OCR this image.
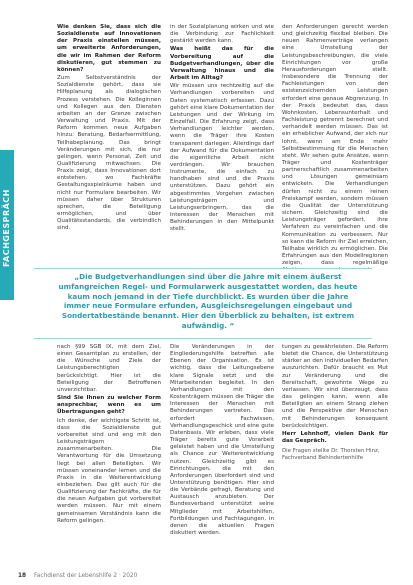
FACHGESPRÄCH

Wie denken Sie, dass sich die Sozialdienste auf Innovationen der Praxis einstellen müssen, um erweiterte Anforderungen, die wir im Rahmen der Reform diskutieren, gut stemmen zu können?

Zum Selbstverständnis der Sozialdienste gehört, dass sie Hilfeplanung als dialogischen Prozess verstehen. Die Kolleginnen und Kollegen aus den Diensten arbeiten an der Grenze zwischen Verwaltung und Praxis. Mit der Reform kommen neue Aufgaben hinzu: Beratung, Bedarfsermittlung, Teilhabeplanung. Das bringt Veränderungen mit sich, die nur gelingen, wenn Personal, Zeit und Qualifizierung mitwachsen. Die Praxis zeigt, dass Innovationen dort entstehen, wo Fachkräfte Gestaltungsspielräume haben und nicht nur Formulare bearbeiten. Wir müssen daher über Strukturen sprechen, die Beteiligung ermöglichen, und über Qualitätsstandards, die verbindlich sind.

in der Sozialplanung wirken und wie die Verbindung zur Fachlichkeit gestärkt werden kann.

Was heißt das für die Vorbereitung auf die Budgetverhandlungen, über die Verwaltung hinaus und die Arbeit im Alltag?

Wir müssen uns rechtzeitig auf die Verhandlungen vorbereiten und Daten systematisch erfassen. Dazu gehört eine klare Dokumentation der Leistungen und der Wirkung im Einzelfall. Die Erfahrung zeigt, dass Verhandlungen leichter werden, wenn die Träger ihre Kosten transparent darlegen. Allerdings darf der Aufwand für die Dokumentation die eigentliche Arbeit nicht verdrängen. Wir brauchen Instrumente, die einfach zu handhaben sind und die Praxis unterstützen. Dazu gehört ein abgestimmtes Vorgehen zwischen Leistungsträgern und Leistungserbringern, das die Interessen der Menschen mit Behinderungen in den Mittelpunkt stellt.

den Anforderungen gerecht werden und gleichzeitig flexibel bleiben. Die neuen Rahmenverträge verlangen eine Umstellung der Leistungsbeschreibungen, die viele Einrichtungen vor große Herausforderungen stellt. Insbesondere die Trennung der Fachleistungen von den existenzsichernden Leistungen erfordert eine genaue Abgrenzung. In der Praxis bedeutet das, dass Wohnkosten, Lebensunterhalt und Fachleistung getrennt berechnet und verhandelt werden müssen. Das ist ein erheblicher Aufwand, der sich nur lohnt, wenn am Ende mehr Selbstbestimmung für die Menschen steht. Wir sehen gute Ansätze, wenn Träger und Kostenträger partnerschaftlich zusammenarbeiten und Lösungen gemeinsam entwickeln. Die Verhandlungen dürfen nicht zu einem reinen Preiskampf werden, sondern müssen die Qualität der Unterstützung sichern. Gleichzeitig sind die Leistungsträger gefordert, ihre Verfahren zu vereinfachen und die Kommunikation zu verbessern. Nur so kann die Reform ihr Ziel erreichen, Teilhabe wirklich zu ermöglichen. Die Erfahrungen aus den Modellregionen zeigen, dass regelmäßige

„Die Budgetverhandlungen sind über die Jahre mit einem äußerst umfangreichen Regel- und Formularwerk ausgestattet worden, das heute kaum noch jemand in der Tiefe durchblickt. Es wurden über die Jahre immer neue Formulare erfunden, Ausgleichsregelungen eingebaut und Sondertatbestände benannt. Hier den Überblick zu behalten, ist extrem aufwändig. “

nach §99 SGB IX, mit dem Ziel, einen Gesamtplan zu erstellen, der die Wünsche und Ziele der Leistungsberechtigten berücksichtigt. Hier ist die Beteiligung der Betroffenen unverzichtbar.

Sind Sie Ihnen zu welcher Form ansprechbar, wenn es um Übertragungen geht?

Ich denke, der wichtigste Schritt ist, dass die Sozialdienste gut vorbereitet sind und eng mit den Leistungsträgern zusammenarbeiten. Die Verantwortung für die Umsetzung liegt bei allen Beteiligten. Wir müssen voneinander lernen und die Praxis in die Weiterentwicklung einbeziehen. Das gilt auch für die Qualifizierung der Fachkräfte, die für die neuen Aufgaben gut vorbereitet werden müssen. Nur mit einem gemeinsamen Verständnis kann die Reform gelingen.

Die Veränderungen in der Eingliederungshilfe betreffen alle Ebenen der Organisation. Es ist wichtig, dass die Leitungsebene klare Signale setzt und die Mitarbeitenden begleitet. In den Verhandlungen mit den Kostenträgern müssen die Träger die Interessen der Menschen mit Behinderungen vertreten. Das erfordert Fachwissen, Verhandlungsgeschick und eine gute Datenbasis. Wir erleben, dass viele Träger bereits gute Vorarbeit geleistet haben und die Umstellung als Chance zur Weiterentwicklung nutzen. Gleichzeitig gibt es Einrichtungen, die mit den Anforderungen überfordert sind und Unterstützung benötigen. Hier sind die Verbände gefragt, Beratung und Austausch anzubieten. Der Bundesverband unterstützt seine Mitglieder mit Arbeitshilfen, Fortbildungen und Fachtagungen, in denen die aktuellen Fragen diskutiert werden.

tungen zu gewährleisten. Die Reform bietet die Chance, die Unterstützung stärker an den individuellen Bedarfen auszurichten. Dafür braucht es Mut zur Veränderung und die Bereitschaft, gewohnte Wege zu verlassen. Wir sind überzeugt, dass das gelingen kann, wenn alle Beteiligten an einem Strang ziehen und die Perspektive der Menschen mit Behinderungen konsequent berücksichtigen.

Herr Lehnhoff, vielen Dank für das Gespräch.

Die Fragen stellte Dr. Thorsten Hinz, Fachverband Behindertenhilfe

18 Fachdienst der Lebenshilfe 2 · 2020
